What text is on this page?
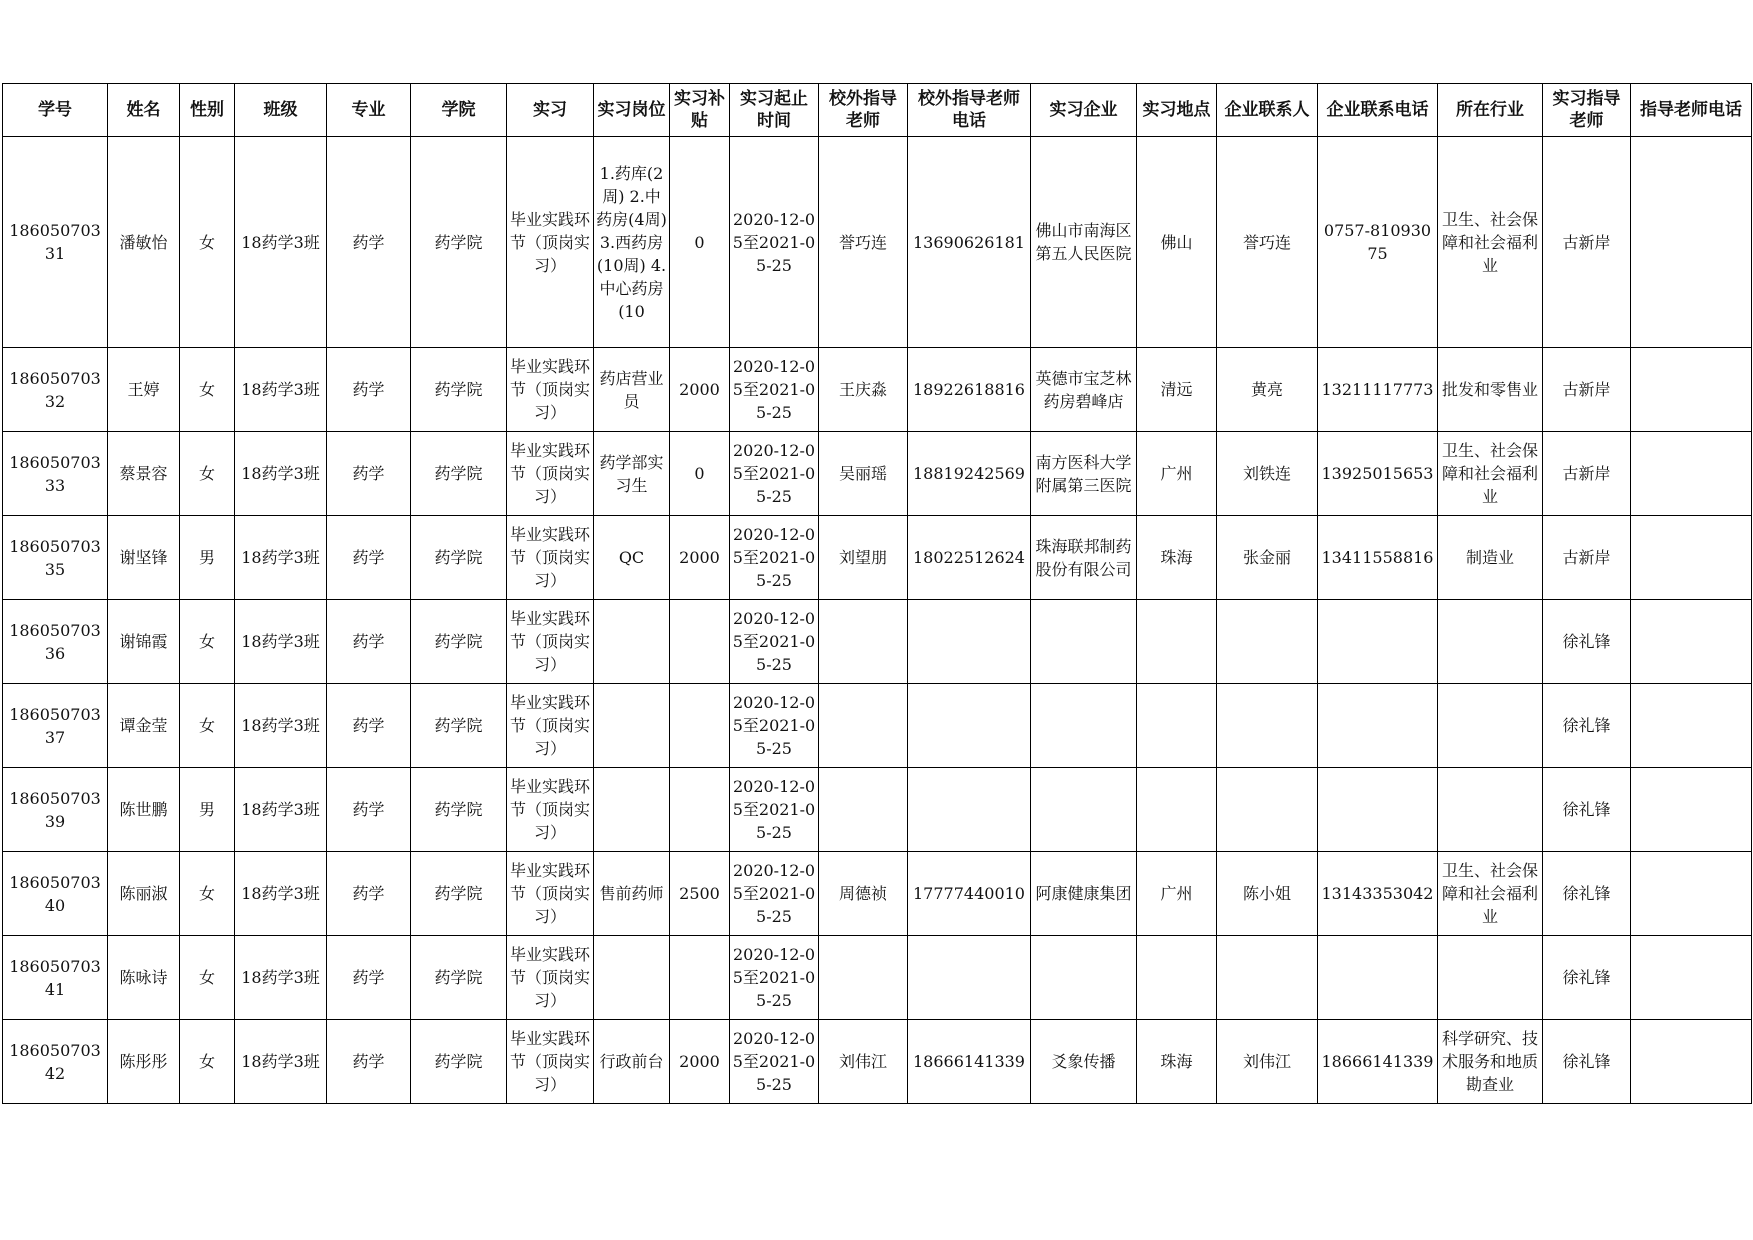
学号	姓名	性别	班级	专业	学院	实习	实习岗位	实习补贴	实习起止时间	校外指导老师	校外指导老师电话	实习企业	实习地点	企业联系人	企业联系电话	所在行业	实习指导老师	指导老师电话

18605070331	潘敏怡	女	18药学3班	药学	药学院	毕业实践环节（顶岗实习）	1.药库(2周) 2.中药房(4周) 3.西药房(10周) 4.中心药房(10	0	2020-12-05至2021-05-25	誉巧连	13690626181	佛山市南海区第五人民医院	佛山	誉巧连	0757-81093075	卫生、社会保障和社会福利业	古新岸	

18605070332	王婷	女	18药学3班	药学	药学院	毕业实践环节（顶岗实习）	药店营业员	2000	2020-12-05至2021-05-25	王庆淼	18922618816	英德市宝芝林药房碧峰店	清远	黄亮	13211117773	批发和零售业	古新岸	

18605070333	蔡景容	女	18药学3班	药学	药学院	毕业实践环节（顶岗实习）	药学部实习生	0	2020-12-05至2021-05-25	吴丽瑶	18819242569	南方医科大学附属第三医院	广州	刘铁连	13925015653	卫生、社会保障和社会福利业	古新岸	

18605070335	谢坚锋	男	18药学3班	药学	药学院	毕业实践环节（顶岗实习）	QC	2000	2020-12-05至2021-05-25	刘望朋	18022512624	珠海联邦制药股份有限公司	珠海	张金丽	13411558816	制造业	古新岸	

18605070336	谢锦霞	女	18药学3班	药学	药学院	毕业实践环节（顶岗实习）			2020-12-05至2021-05-25								徐礼锋	

18605070337	谭金莹	女	18药学3班	药学	药学院	毕业实践环节（顶岗实习）			2020-12-05至2021-05-25								徐礼锋	

18605070339	陈世鹏	男	18药学3班	药学	药学院	毕业实践环节（顶岗实习）			2020-12-05至2021-05-25								徐礼锋	

18605070340	陈丽淑	女	18药学3班	药学	药学院	毕业实践环节（顶岗实习）	售前药师	2500	2020-12-05至2021-05-25	周德祯	17777440010	阿康健康集团	广州	陈小姐	13143353042	卫生、社会保障和社会福利业	徐礼锋	

18605070341	陈咏诗	女	18药学3班	药学	药学院	毕业实践环节（顶岗实习）			2020-12-05至2021-05-25								徐礼锋	

18605070342	陈彤彤	女	18药学3班	药学	药学院	毕业实践环节（顶岗实习）	行政前台	2000	2020-12-05至2021-05-25	刘伟江	18666141339	爻象传播	珠海	刘伟江	18666141339	科学研究、技术服务和地质勘查业	徐礼锋	
